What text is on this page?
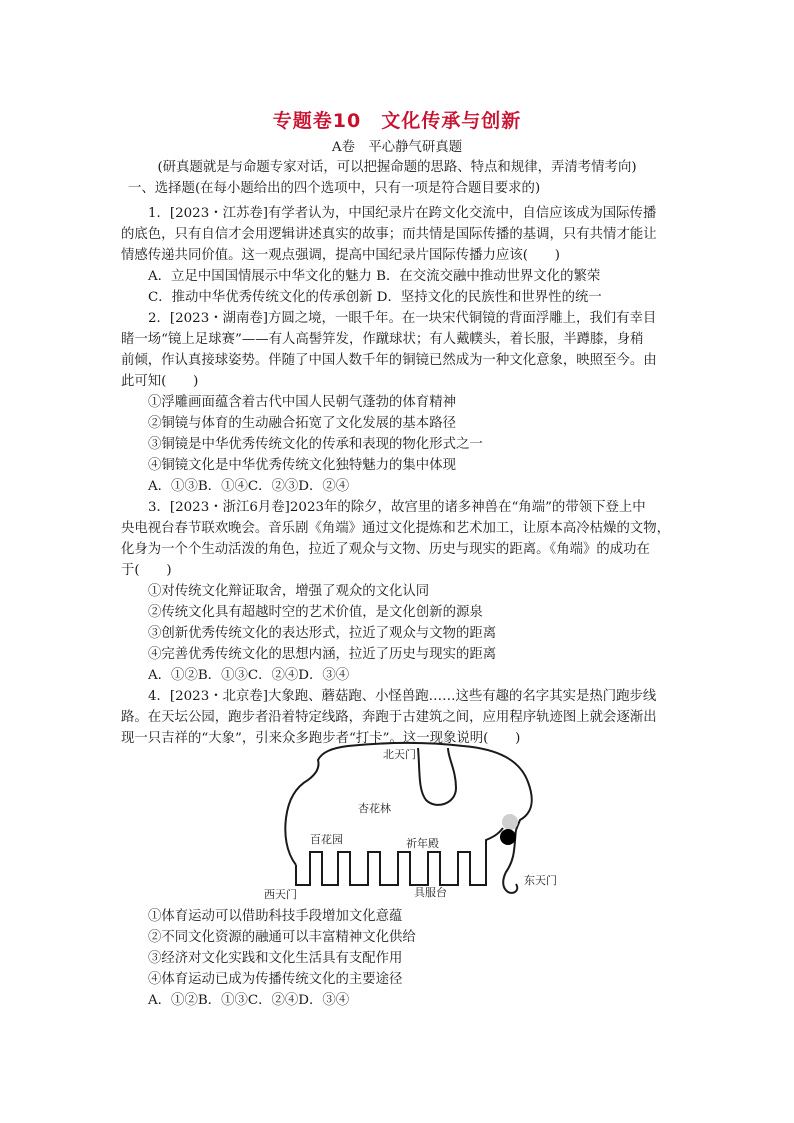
专题卷10　文化传承与创新
A卷　平心静气研真题
(研真题就是与命题专家对话，可以把握命题的思路、特点和规律，弄清考情考向)
一、选择题(在每小题给出的四个选项中，只有一项是符合题目要求的)
1．[2023・江苏卷]有学者认为，中国纪录片在跨文化交流中，自信应该成为国际传播
的底色，只有自信才会用逻辑讲述真实的故事；而共情是国际传播的基调，只有共情才能让
情感传递共同价值。这一观点强调，提高中国纪录片国际传播力应该(　　)
A．立足中国国情展示中华文化的魅力 B．在交流交融中推动世界文化的繁荣
C．推动中华优秀传统文化的传承创新 D．坚持文化的民族性和世界性的统一
2．[2023・湖南卷]方圆之境，一眼千年。在一块宋代铜镜的背面浮雕上，我们有幸目
睹一场“镜上足球赛”——有人高髻笄发，作蹴球状；有人戴幞头，着长服，半蹲膝，身稍
前倾，作认真接球姿势。伴随了中国人数千年的铜镜已然成为一种文化意象，映照至今。由
此可知(　　)
①浮雕画面蕴含着古代中国人民朝气蓬勃的体育精神
②铜镜与体育的生动融合拓宽了文化发展的基本路径
③铜镜是中华优秀传统文化的传承和表现的物化形式之一
④铜镜文化是中华优秀传统文化独特魅力的集中体现
A．①③B．①④C．②③D．②④
3．[2023・浙江6月卷]2023年的除夕，故宫里的诸多神兽在“角端”的带领下登上中
央电视台春节联欢晚会。音乐剧《角端》通过文化提炼和艺术加工，让原本高冷枯燥的文物，
化身为一个个生动活泼的角色，拉近了观众与文物、历史与现实的距离。《角端》的成功在
于(　　)
①对传统文化辩证取舍，增强了观众的文化认同
②传统文化具有超越时空的艺术价值，是文化创新的源泉
③创新优秀传统文化的表达形式，拉近了观众与文物的距离
④完善优秀传统文化的思想内涵，拉近了历史与现实的距离
A．①②B．①③C．②④D．③④
4．[2023・北京卷]大象跑、蘑菇跑、小怪兽跑……这些有趣的名字其实是热门跑步线
路。在天坛公园，跑步者沿着特定线路，奔跑于古建筑之间，应用程序轨迹图上就会逐渐出
现一只吉祥的“大象”，引来众多跑步者“打卡”。这一现象说明(　　)
北天门
杏花林
百花园	祈年殿
东天门
西天门	具服台
①体育运动可以借助科技手段增加文化意蕴
②不同文化资源的融通可以丰富精神文化供给
③经济对文化实践和文化生活具有支配作用
④体育运动已成为传播传统文化的主要途径
A．①②B．①③C．②④D．③④
